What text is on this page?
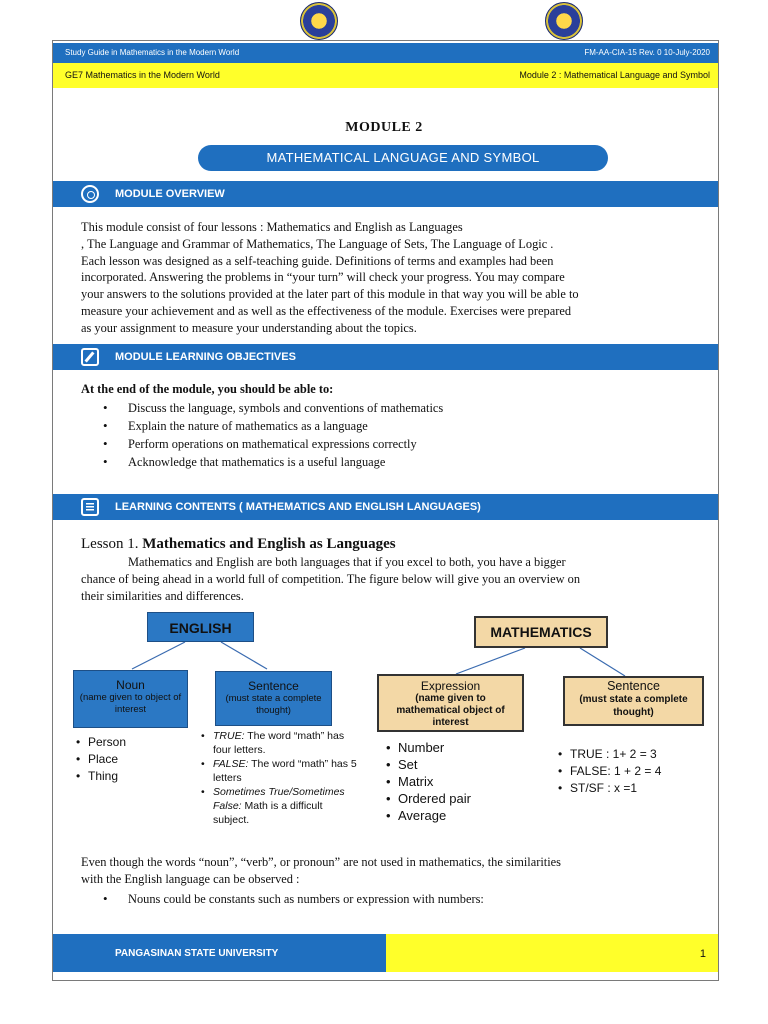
Study Guide in Mathematics in the Modern World	FM-AA-CIA-15 Rev. 0 10-July-2020
GE7 Mathematics in the Modern World	Module 2 : Mathematical Language and Symbol
MODULE 2
MATHEMATICAL LANGUAGE AND SYMBOL
MODULE OVERVIEW
This module consist of four lessons : Mathematics and English as Languages
, The Language and Grammar of Mathematics, The Language of Sets, The Language of Logic .
Each lesson was designed as a self-teaching guide. Definitions of terms and examples had been
incorporated. Answering the problems in “your turn” will check your progress. You may compare
your answers to the solutions provided at the later part of this module in that way you will be able to
measure your achievement and as well as the effectiveness of the module. Exercises were prepared
as your assignment to measure your understanding about the topics.
MODULE LEARNING OBJECTIVES
At the end of the module, you should be able to:
• Discuss the language, symbols and conventions of mathematics
• Explain the nature of mathematics as a language
• Perform operations on mathematical expressions correctly
• Acknowledge that mathematics is a useful language
LEARNING CONTENTS ( MATHEMATICS AND ENGLISH LANGUAGES)
Lesson 1. Mathematics and English as Languages
Mathematics and English are both languages that if you excel to both, you have a bigger
chance of being ahead in a world full of competition. The figure below will give you an overview on
their similarities and differences.
ENGLISH
Noun
(name given to object of interest
• Person
• Place
• Thing
Sentence
(must state a complete thought)
• TRUE: The word “math” has four letters.
• FALSE: The word “math” has 5 letters
• Sometimes True/Sometimes False: Math is a difficult subject.
MATHEMATICS
Expression
(name given to mathematical object of interest
• Number
• Set
• Matrix
• Ordered pair
• Average
Sentence
(must state a complete thought)
• TRUE : 1+ 2 = 3
• FALSE: 1 + 2 = 4
• ST/SF : x =1
Even though the words “noun”, “verb”, or pronoun” are not used in mathematics, the similarities
with the English language can be observed :
• Nouns could be constants such as numbers or expression with numbers:
PANGASINAN STATE UNIVERSITY	1
